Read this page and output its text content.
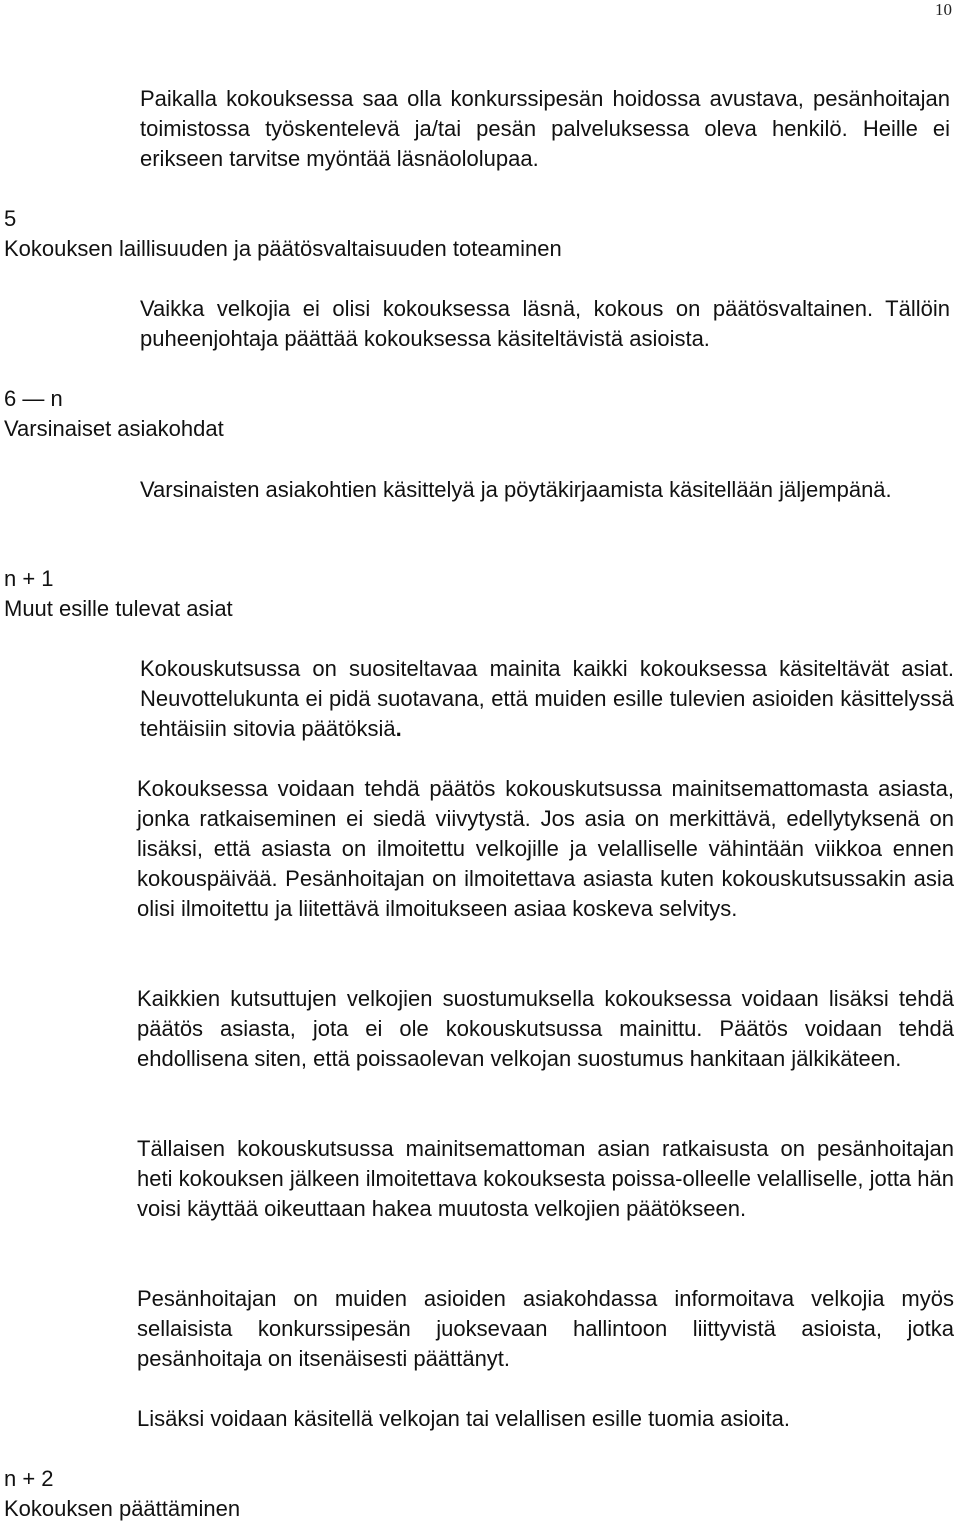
10

Paikalla kokouksessa saa olla konkurssipesän hoidossa avustava, pesänhoitajan toimistossa työskentelevä ja/tai pesän palveluksessa oleva henkilö. Heille ei erikseen tarvitse myöntää läsnäololupaa.

5
Kokouksen laillisuuden ja päätösvaltaisuuden toteaminen

Vaikka velkojia ei olisi kokouksessa läsnä, kokous on päätösvaltainen. Tällöin puheenjohtaja päättää kokouksessa käsiteltävistä asioista.

6 — n
Varsinaiset asiakohdat

Varsinaisten asiakohtien käsittelyä ja pöytäkirjaamista käsitellään jäljempänä.

n + 1
Muut esille tulevat asiat

Kokouskutsussa on suositeltavaa mainita kaikki kokouksessa käsiteltävät asiat. Neuvottelukunta ei pidä suotavana, että muiden esille tulevien asioiden käsittelyssä tehtäisiin sitovia päätöksiä.

Kokouksessa voidaan tehdä päätös kokouskutsussa mainitsemattomasta asiasta, jonka ratkaiseminen ei siedä viivytystä. Jos asia on merkittävä, edellytyksenä on lisäksi, että asiasta on ilmoitettu velkojille ja velalliselle vähintään viikkoa ennen kokouspäivää. Pesänhoitajan on ilmoitettava asiasta kuten kokouskutsussakin asia olisi ilmoitettu ja liitettävä ilmoitukseen asiaa koskeva selvitys.

Kaikkien kutsuttujen velkojien suostumuksella kokouksessa voidaan lisäksi tehdä päätös asiasta, jota ei ole kokouskutsussa mainittu. Päätös voidaan tehdä ehdollisena siten, että poissaolevan velkojan suostumus hankitaan jälkikäteen.

Tällaisen kokouskutsussa mainitsemattoman asian ratkaisusta on pesänhoitajan heti kokouksen jälkeen ilmoitettava kokouksesta poissa-olleelle velalliselle, jotta hän voisi käyttää oikeuttaan hakea muutosta velkojien päätökseen.

Pesänhoitajan on muiden asioiden asiakohdassa informoitava velkojia myös sellaisista konkurssipesän juoksevaan hallintoon liittyvistä asioista, jotka pesänhoitaja on itsenäisesti päättänyt.

Lisäksi voidaan käsitellä velkojan tai velallisen esille tuomia asioita.

n + 2
Kokouksen päättäminen
